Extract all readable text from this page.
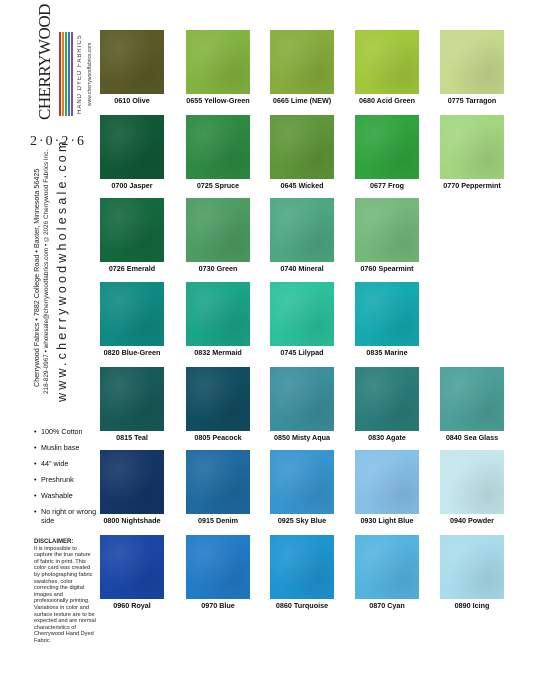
CHERRYWOOD	HAND DYED FABRICS www.cherrywoodfabrics.com
2·0·2·6
Cherrywood Fabrics • 7882 College Road • Baxter, Minnesota 56425 218-829-0967 • wholesale@cherrywoodfabrics.com • ©2026 Cherrywood Fabrics Inc. www.cherrywoodwholesale.com
• 100% Cotton
• Muslin base
• 44" wide
• Preshrunk
• Washable
• No right or wrong side
DISCLAIMER:
It is impossible to capture the true nature of fabric in print. This color card was created by photographing fabric swatches, color correcting the digital images and professionally printing. Variations in color and surface texture are to be expected and are normal characteristics of Cherrywood Hand Dyed Fabric.
0610 Olive	0655 Yellow-Green	0665 Lime (NEW)	0680 Acid Green	0775 Tarragon
0700 Jasper	0725 Spruce	0645 Wicked	0677 Frog	0770 Peppermint
0726 Emerald	0730 Green	0740 Mineral	0760 Spearmint
0820 Blue-Green	0832 Mermaid	0745 Lilypad	0835 Marine
0815 Teal	0805 Peacock	0850 Misty Aqua	0830 Agate	0840 Sea Glass
0800 Nightshade	0915 Denim	0925 Sky Blue	0930 Light Blue	0940 Powder
0960 Royal	0970 Blue	0860 Turquoise	0870 Cyan	0890 Icing
